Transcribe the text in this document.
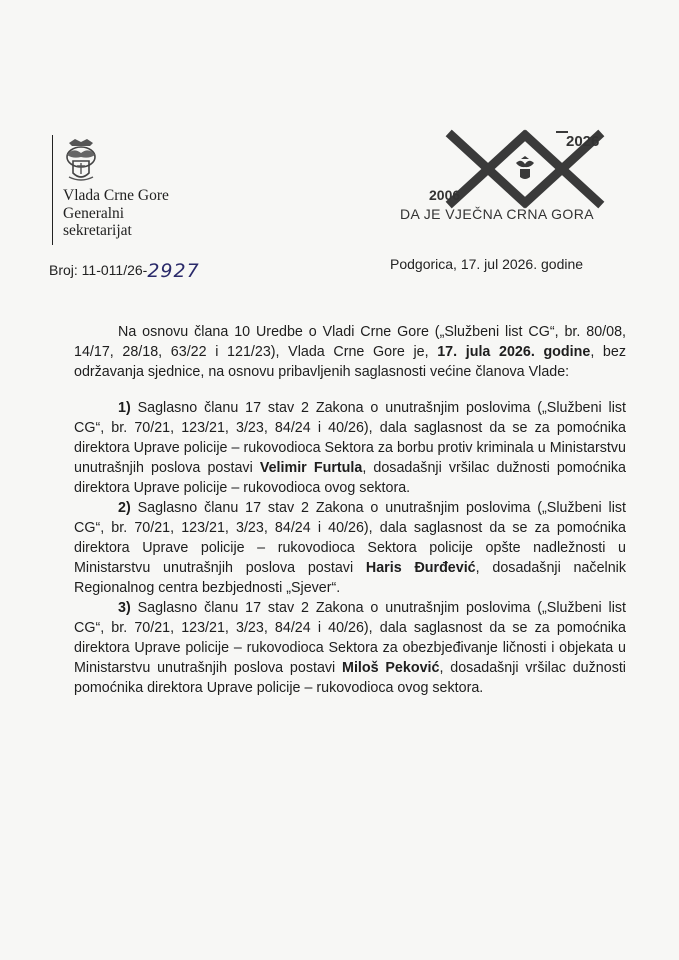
Vlada Crne Gore
Generalni
sekretarijat
2026
2006
DA JE VJEČNA CRNA GORA
Broj: 11-011/26-2927	Podgorica, 17. jul 2026. godine

Na osnovu člana 10 Uredbe o Vladi Crne Gore („Službeni list CG“, br. 80/08, 14/17, 28/18, 63/22 i 121/23), Vlada Crne Gore je, 17. jula 2026. godine, bez održavanja sjednice, na osnovu pribavljenih saglasnosti većine članova Vlade:

1) Saglasno članu 17 stav 2 Zakona o unutrašnjim poslovima („Službeni list CG“, br. 70/21, 123/21, 3/23, 84/24 i 40/26), dala saglasnost da se za pomoćnika direktora Uprave policije – rukovodioca Sektora za borbu protiv kriminala u Ministarstvu unutrašnjih poslova postavi Velimir Furtula, dosadašnji vršilac dužnosti pomoćnika direktora Uprave policije – rukovodioca ovog sektora.

2) Saglasno članu 17 stav 2 Zakona o unutrašnjim poslovima („Službeni list CG“, br. 70/21, 123/21, 3/23, 84/24 i 40/26), dala saglasnost da se za pomoćnika direktora Uprave policije – rukovodioca Sektora policije opšte nadležnosti u Ministarstvu unutrašnjih poslova postavi Haris Đurđević, dosadašnji načelnik Regionalnog centra bezbjednosti „Sjever“.

3) Saglasno članu 17 stav 2 Zakona o unutrašnjim poslovima („Službeni list CG“, br. 70/21, 123/21, 3/23, 84/24 i 40/26), dala saglasnost da se za pomoćnika direktora Uprave policije – rukovodioca Sektora za obezbjeđivanje ličnosti i objekata u Ministarstvu unutrašnjih poslova postavi Miloš Peković, dosadašnji vršilac dužnosti pomoćnika direktora Uprave policije – rukovodioca ovog sektora.
